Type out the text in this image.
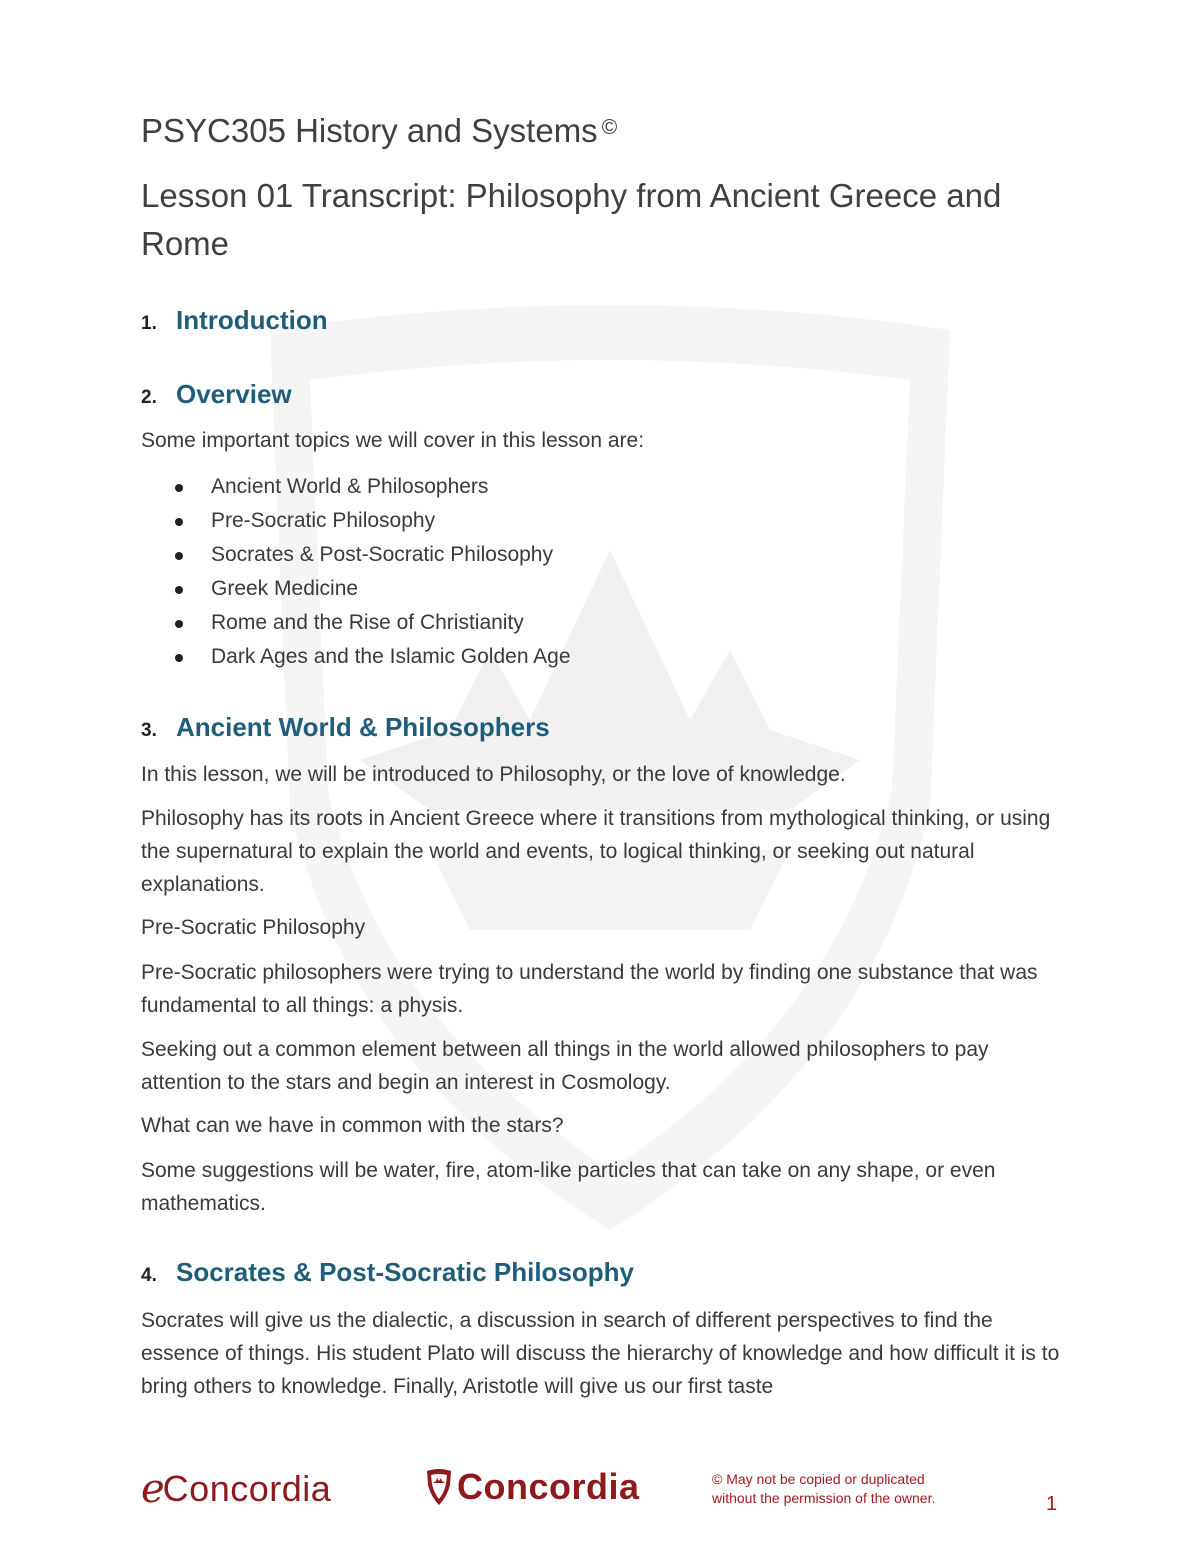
PSYC305 History and Systems ©
Lesson 01 Transcript: Philosophy from Ancient Greece and Rome
1. Introduction
2. Overview
Some important topics we will cover in this lesson are:
Ancient World & Philosophers
Pre-Socratic Philosophy
Socrates & Post-Socratic Philosophy
Greek Medicine
Rome and the Rise of Christianity
Dark Ages and the Islamic Golden Age
3. Ancient World & Philosophers
In this lesson, we will be introduced to Philosophy, or the love of knowledge.
Philosophy has its roots in Ancient Greece where it transitions from mythological thinking, or using the supernatural to explain the world and events, to logical thinking, or seeking out natural explanations.
Pre-Socratic Philosophy
Pre-Socratic philosophers were trying to understand the world by finding one substance that was fundamental to all things: a physis.
Seeking out a common element between all things in the world allowed philosophers to pay attention to the stars and begin an interest in Cosmology.
What can we have in common with the stars?
Some suggestions will be water, fire, atom-like particles that can take on any shape, or even mathematics.
4. Socrates & Post-Socratic Philosophy
Socrates will give us the dialectic, a discussion in search of different perspectives to find the essence of things. His student Plato will discuss the hierarchy of knowledge and how difficult it is to bring others to knowledge. Finally, Aristotle will give us our first taste
e
Concordia	Concordia	© May not be copied or duplicated
without the permission of the owner.	1
